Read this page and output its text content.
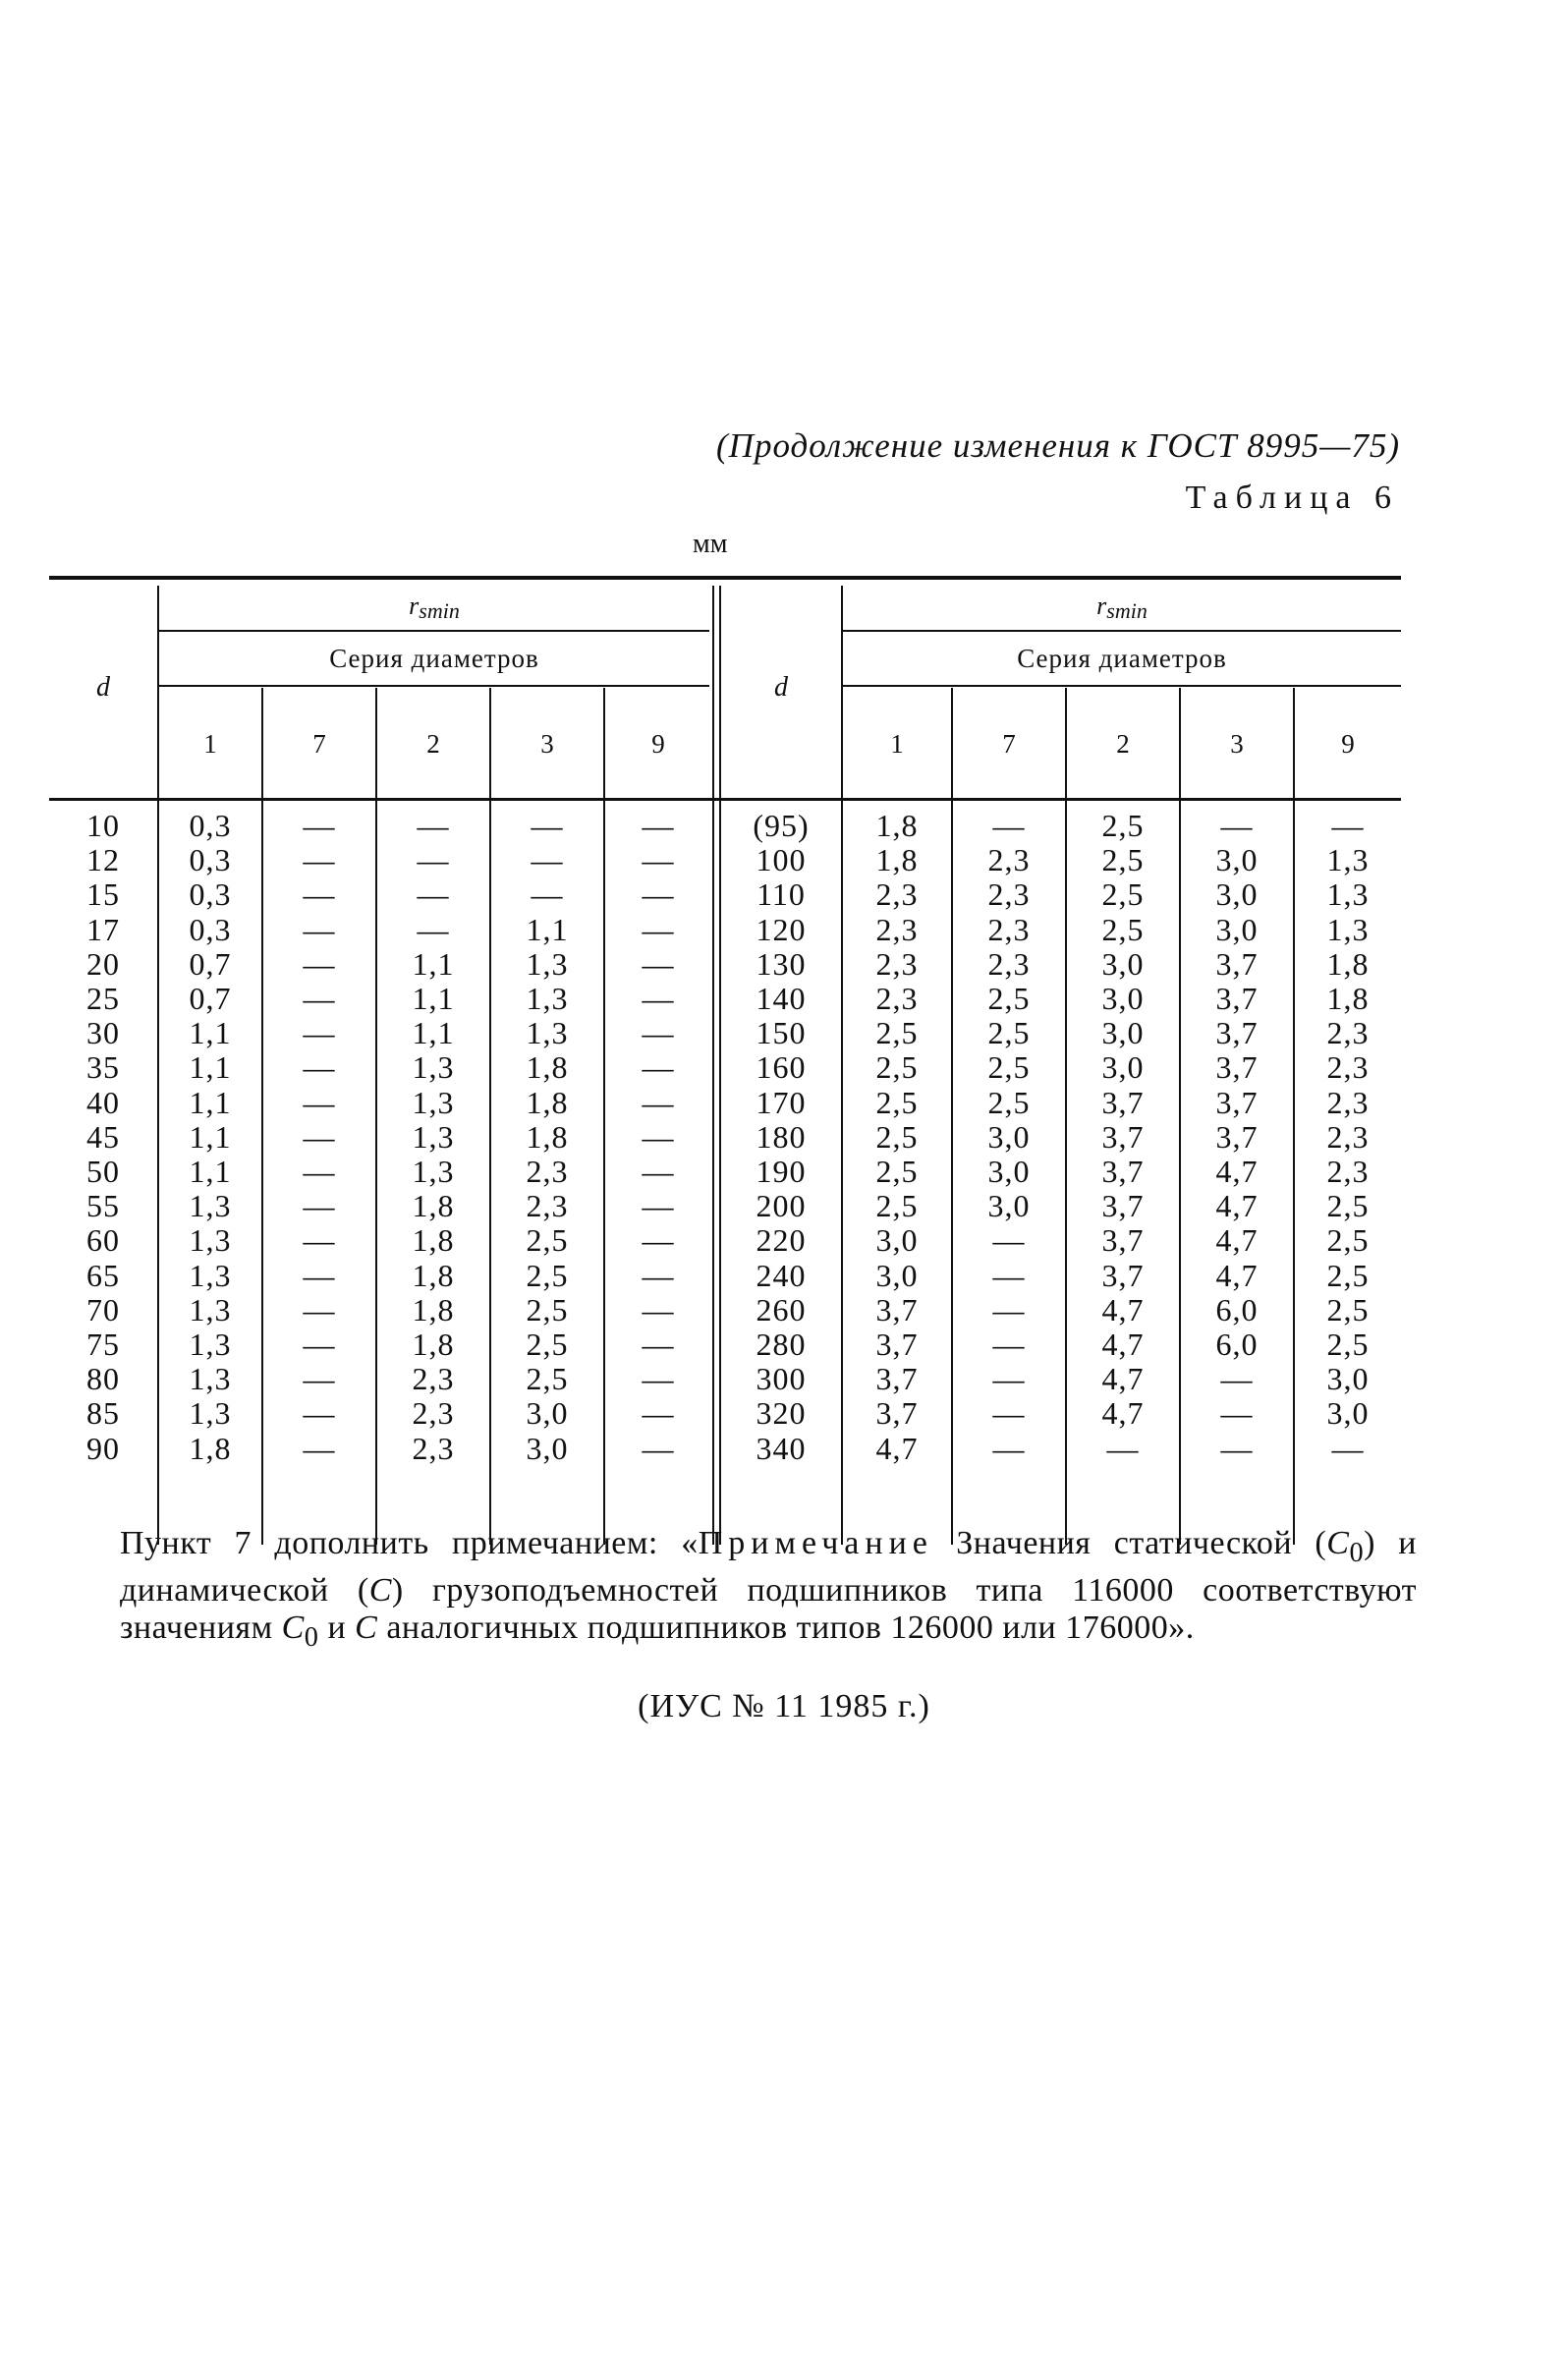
(Продолжение изменения к ГОСТ 8995—75)
Таблица 6
мм
d
$r_{smin}$
Серия диаметров
1	7	2	3	9
d
$r_{smin}$
Серия диаметров
1	7	2	3	9
10	0,3	—	—	—	—	(95)	1,8	—	2,5	—	—
12	0,3	—	—	—	—	100	1,8	2,3	2,5	3,0	1,3
15	0,3	—	—	—	—	110	2,3	2,3	2,5	3,0	1,3
17	0,3	—	—	1,1	—	120	2,3	2,3	2,5	3,0	1,3
20	0,7	—	1,1	1,3	—	130	2,3	2,3	3,0	3,7	1,8
25	0,7	—	1,1	1,3	—	140	2,3	2,5	3,0	3,7	1,8
30	1,1	—	1,1	1,3	—	150	2,5	2,5	3,0	3,7	2,3
35	1,1	—	1,3	1,8	—	160	2,5	2,5	3,0	3,7	2,3
40	1,1	—	1,3	1,8	—	170	2,5	2,5	3,7	3,7	2,3
45	1,1	—	1,3	1,8	—	180	2,5	3,0	3,7	3,7	2,3
50	1,1	—	1,3	2,3	—	190	2,5	3,0	3,7	4,7	2,3
55	1,3	—	1,8	2,3	—	200	2,5	3,0	3,7	4,7	2,5
60	1,3	—	1,8	2,5	—	220	3,0	—	3,7	4,7	2,5
65	1,3	—	1,8	2,5	—	240	3,0	—	3,7	4,7	2,5
70	1,3	—	1,8	2,5	—	260	3,7	—	4,7	6,0	2,5
75	1,3	—	1,8	2,5	—	280	3,7	—	4,7	6,0	2,5
80	1,3	—	2,3	2,5	—	300	3,7	—	4,7	—	3,0
85	1,3	—	2,3	3,0	—	320	3,7	—	4,7	—	3,0
90	1,8	—	2,3	3,0	—	340	4,7	—	—	—	—
Пункт 7 дополнить примечанием: «Примечание Значения статической $(C_0)$ и динамической (C) грузоподъемностей подшипников типа 116000 соответствуют значениям $C_0$ и C аналогичных подшипников типов 126000 или 176000».
(ИУС № 11 1985 г.)
